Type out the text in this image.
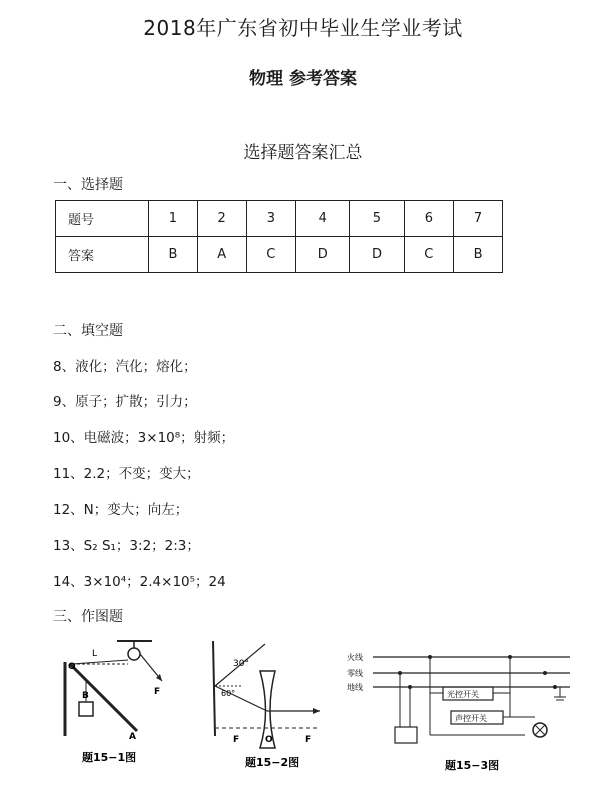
2018年广东省初中毕业生学业考试
物理 参考答案
选择题答案汇总
一、选择题
题号	1	2	3	4	5	6	7
答案	B	A	C	D	D	C	B
二、填空题
8、液化；汽化；熔化；
9、原子；扩散；引力；
10、电磁波；3×10⁸；射频；
11、2.2；不变；变大；
12、N；变大；向左；
13、S₂ S₁；3:2；2:3；
14、3×10⁴；2.4×10⁵；24
三、作图题
O
L
F
B
A
题15−1图
30°
60°
F	O	F
题15−2图
火线
零线
地线
光控开关
声控开关
题15−3图
